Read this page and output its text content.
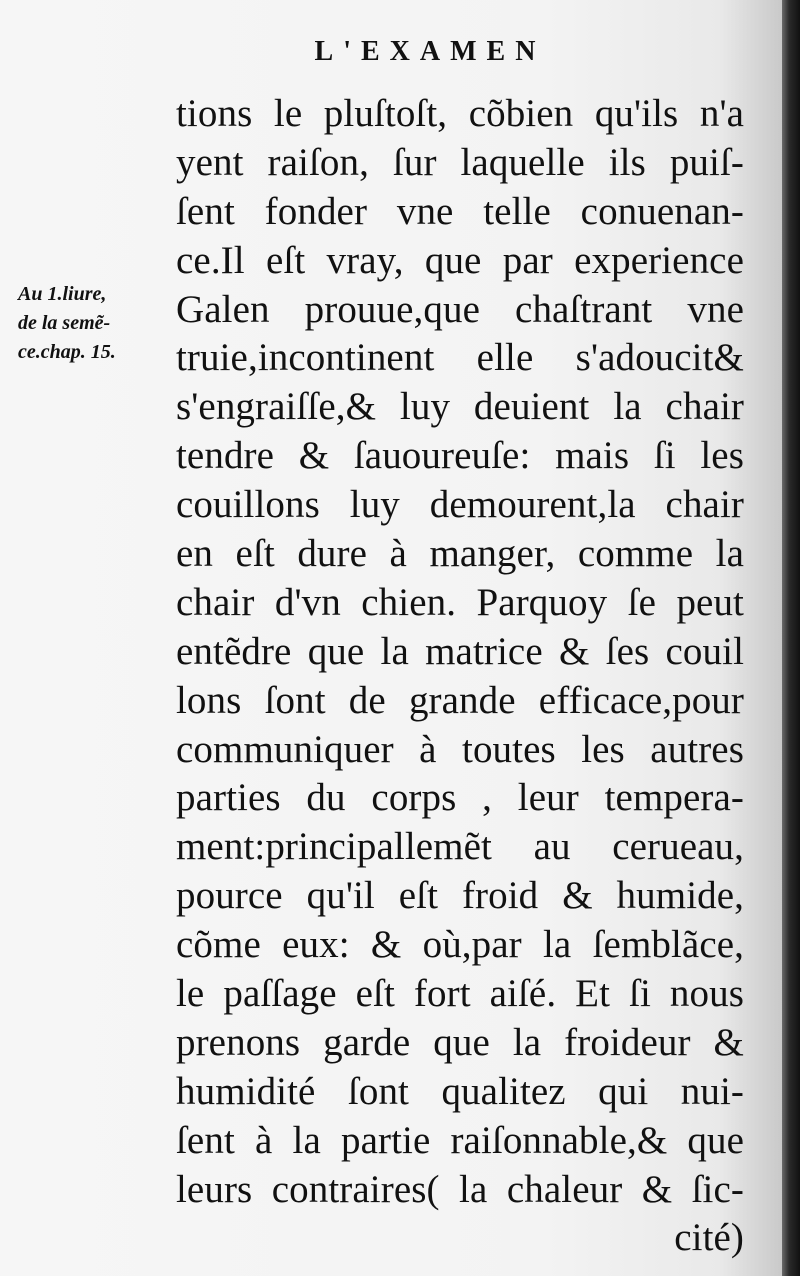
L'EXAMEN
Au 1.liure,
de la semẽ-
ce.chap. 15.
tions le pluſtoſt, cõbien qu'ils n'a
yent raiſon, ſur laquelle ils puiſ-
ſent fonder vne telle conuenan-
ce.Il eſt vray, que par experience
Galen prouue,que chaſtrant vne
truie,incontinent elle s'adoucit&
s'engraiſſe,& luy deuient la chair
tendre & ſauoureuſe: mais ſi les
couillons luy demourent,la chair
en eſt dure à manger, comme la
chair d'vn chien. Parquoy ſe peut
entẽdre que la matrice & ſes couil
lons ſont de grande efficace,pour
communiquer à toutes les autres
parties du corps , leur tempera-
ment:principallemẽt au cerueau,
pource qu'il eſt froid & humide,
cõme eux: & où,par la ſemblãce,
le paſſage eſt fort aiſé. Et ſi nous
prenons garde que la froideur &
humidité ſont qualitez qui nui-
ſent à la partie raiſonnable,& que
leurs contraires( la chaleur & ſic-
cité)
